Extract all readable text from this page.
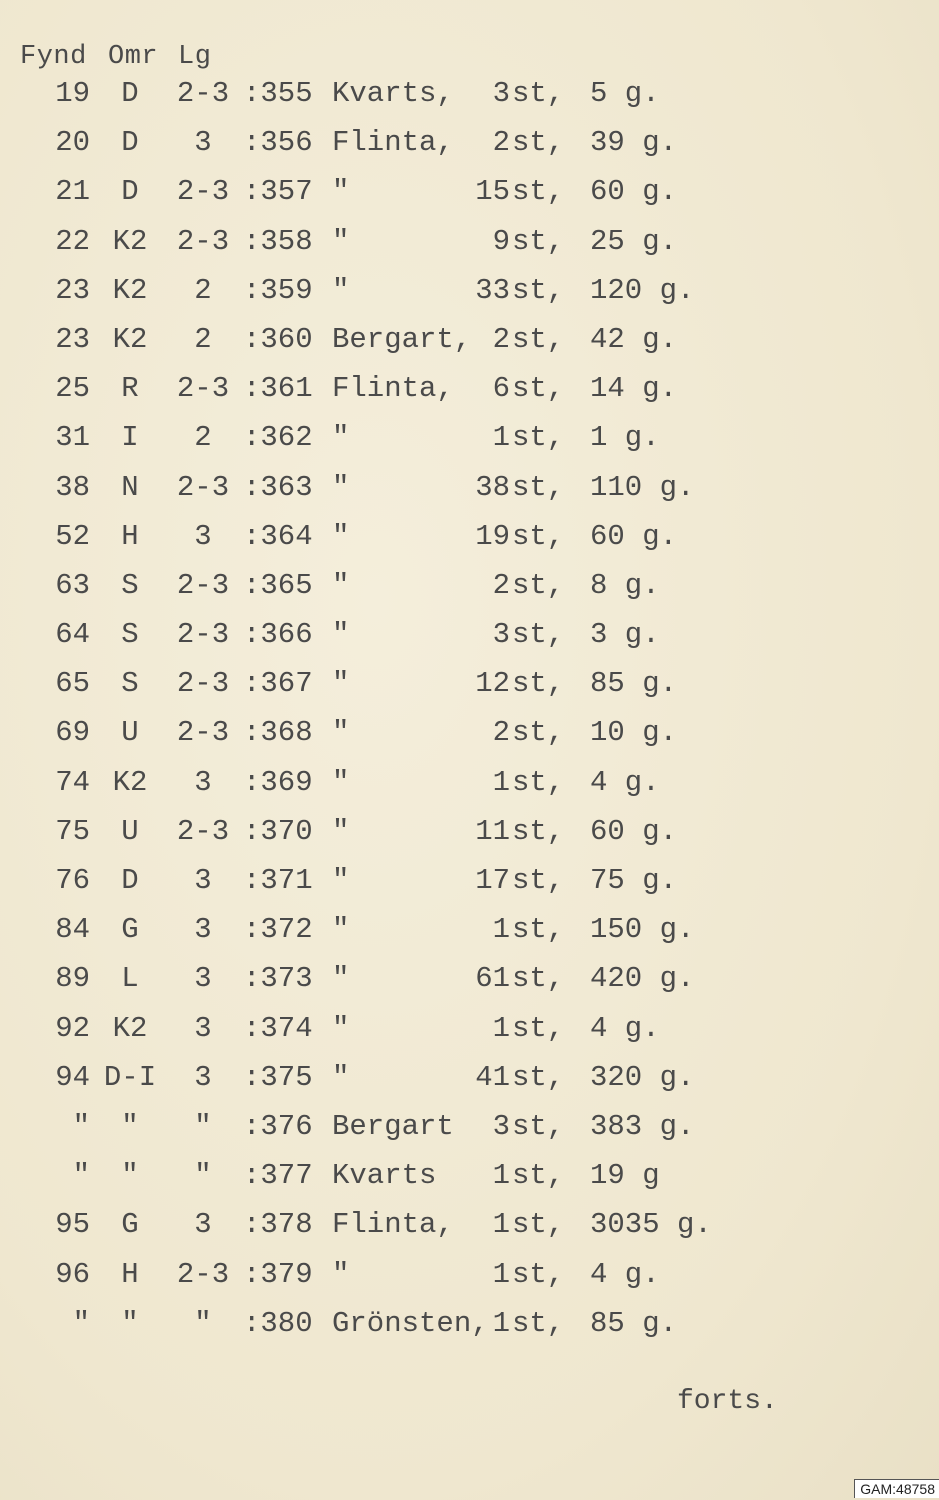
Fynd Omr Lg
19	D	2-3 :355 Kvarts,	3 st, 5 g.
20	D	3	:356 Flinta,	2 st, 39 g.
21	D	2-3 :357 "	15 st, 60 g.
22 K2	2-3 :358 "	9 st, 25 g.
23 K2	2	:359 "	33 st, 120 g.
23 K2	2	:360 Bergart, 2 st, 42 g.
25	R	2-3 :361 Flinta,	6 st, 14 g.
31	I	2	:362 "	1 st, 1 g.
38	N	2-3 :363 "	38 st, 110 g.
52	H	3	:364 "	19 st, 60 g.
63	S	2-3 :365 "	2 st, 8 g.
64	S	2-3 :366 "	3 st, 3 g.
65	S	2-3 :367 "	12 st, 85 g.
69	U	2-3 :368 "	2 st, 10 g.
74 K2	3	:369 "	1 st, 4 g.
75	U	2-3 :370 "	11 st, 60 g.
76	D	3	:371 "	17 st, 75 g.
84	G	3	:372 "	1 st, 150 g.
89	L	3	:373 "	61 st, 420 g.
92 K2	3	:374 "	1 st, 4 g.
94 D-I	3	:375 "	41 st, 320 g.
"	"	"	:376 Bergart	3 st, 383 g.
"	"	"	:377 Kvarts	1 st, 19 g
95	G	3	:378 Flinta,	1 st, 3035 g.
96	H	2-3 :379 "	1 st, 4 g.
"	"	"	:380 Grönsten, 1 st, 85 g.
forts.
GAM:48758
